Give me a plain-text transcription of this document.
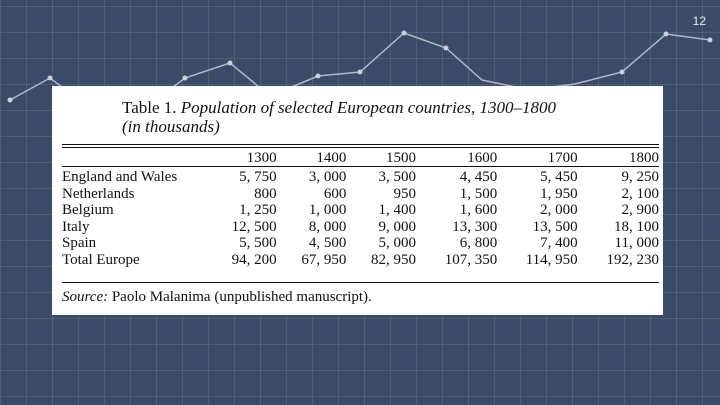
12
Table 1. Population of selected European countries, 1300–1800
(in thousands)
	1300	1400	1500	1600	1700	1800
England and Wales	5, 750	3, 000	3, 500	4, 450	5, 450	9, 250
Netherlands	800	600	950	1, 500	1, 950	2, 100
Belgium	1, 250	1, 000	1, 400	1, 600	2, 000	2, 900
Italy	12, 500	8, 000	9, 000	13, 300	13, 500	18, 100
Spain	5, 500	4, 500	5, 000	6, 800	7, 400	11, 000
Total Europe	94, 200	67, 950	82, 950	107, 350	114, 950	192, 230
Source: Paolo Malanima (unpublished manuscript).
